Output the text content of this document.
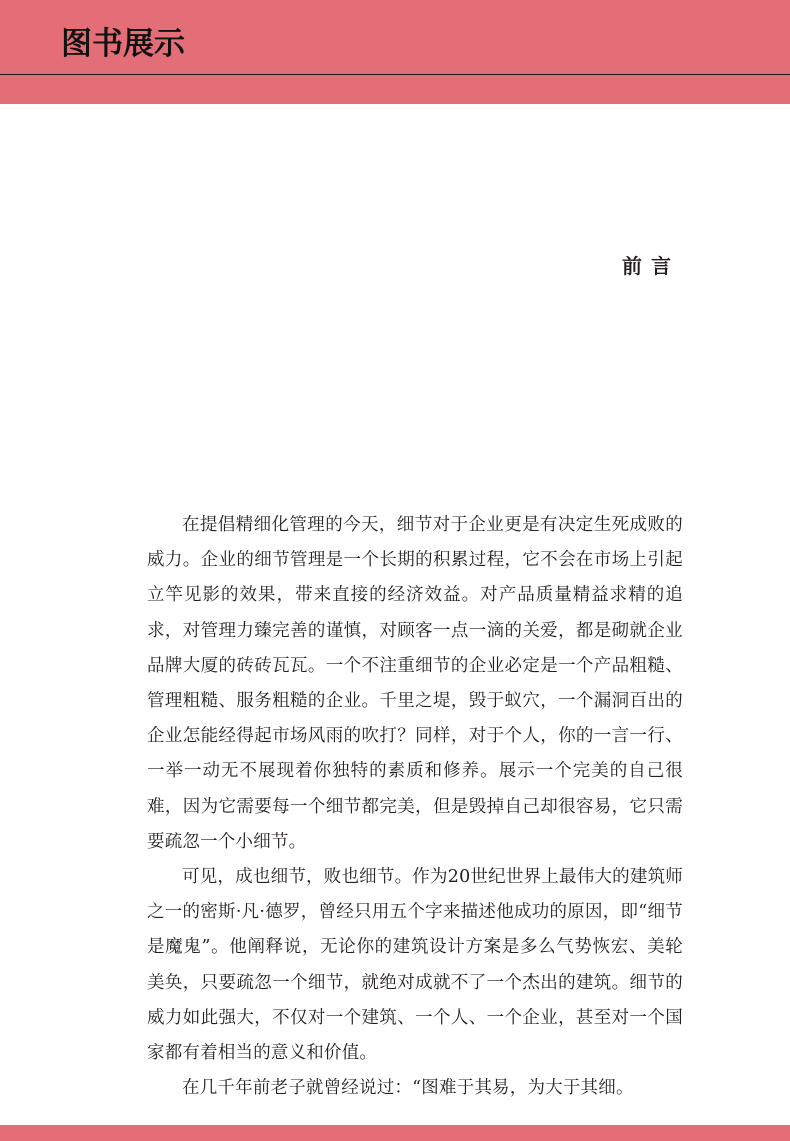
图书展示
前言

在提倡精细化管理的今天，细节对于企业更是有决定生死成败的威力。企业的细节管理是一个长期的积累过程，它不会在市场上引起立竿见影的效果，带来直接的经济效益。对产品质量精益求精的追求，对管理力臻完善的谨慎，对顾客一点一滴的关爱，都是砌就企业品牌大厦的砖砖瓦瓦。一个不注重细节的企业必定是一个产品粗糙、管理粗糙、服务粗糙的企业。千里之堤，毁于蚁穴，一个漏洞百出的企业怎能经得起市场风雨的吹打？同样，对于个人，你的一言一行、一举一动无不展现着你独特的素质和修养。展示一个完美的自己很难，因为它需要每一个细节都完美，但是毁掉自己却很容易，它只需要疏忽一个小细节。

可见，成也细节，败也细节。作为20世纪世界上最伟大的建筑师之一的密斯·凡·德罗，曾经只用五个字来描述他成功的原因，即“细节是魔鬼”。他阐释说，无论你的建筑设计方案是多么气势恢宏、美轮美奂，只要疏忽一个细节，就绝对成就不了一个杰出的建筑。细节的威力如此强大，不仅对一个建筑、一个人、一个企业，甚至对一个国家都有着相当的意义和价值。

在几千年前老子就曾经说过：“图难于其易，为大于其细。
